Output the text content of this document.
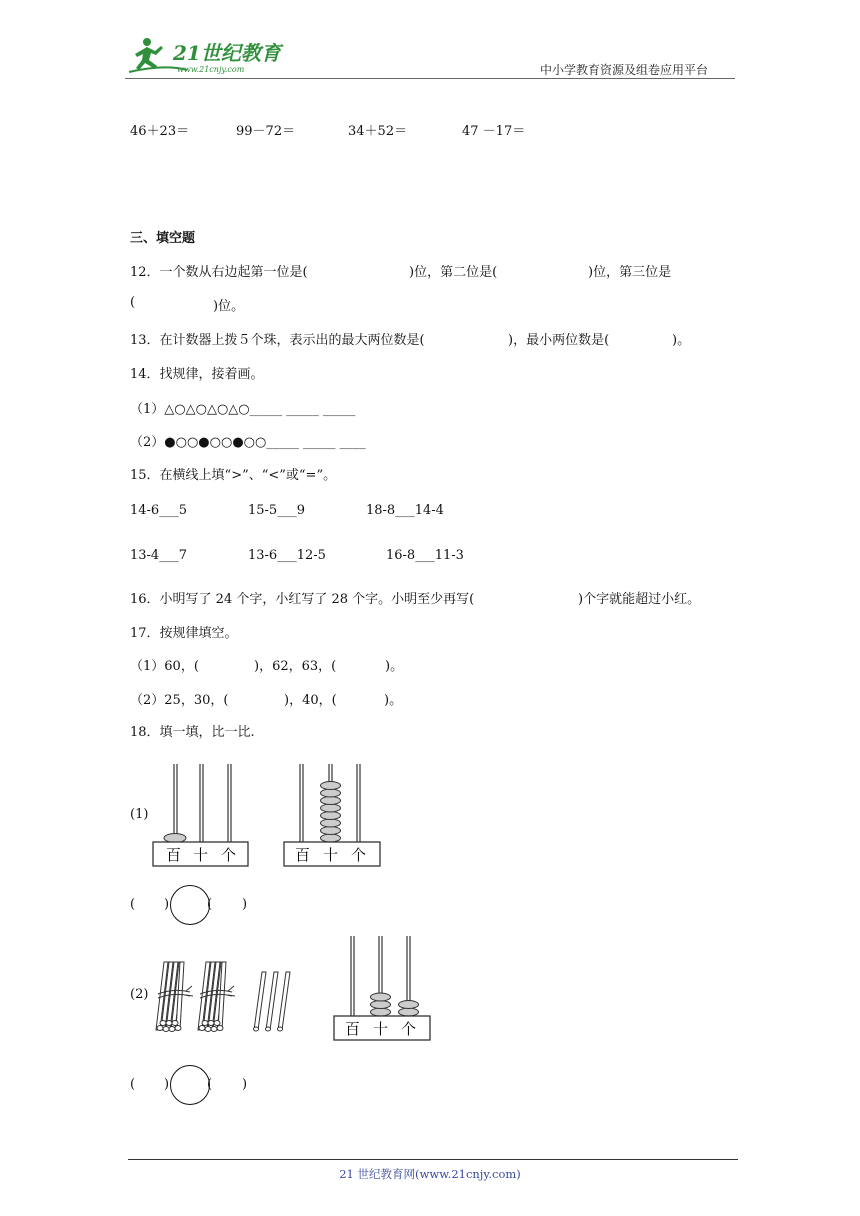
21世纪教育
www.21cnjy.com	中小学教育资源及组卷应用平台
46＋23＝	99－72＝	34＋52＝	47 －17＝
三、填空题
12．一个数从右边起第一位是(	)位，第二位是(	)位，第三位是
(	)位。
13．在计数器上拨５个珠，表示出的最大两位数是(	)，最小两位数是(	)。
14．找规律，接着画。
（1）△○△○△○△○_____ _____ _____
（2）●○○●○○●○○_____ _____ ____
15．在横线上填“>”、“<”或“=”。
14-6___5	15-5___9	18-8___14-4
13-4___7	13-6___12-5	16-8___11-3
16．小明写了 24 个字，小红写了 28 个字。小明至少再写(	)个字就能超过小红。
17．按规律填空。
（1）60，(	)，62，63，(	)。
（2）25，30，(	)，40，(	)。
18．填一填，比一比.
(1)
百 十 个	百 十 个
( )	( )
(2)
百 十 个
( )	( )
21 世纪教育网(www.21cnjy.com)
